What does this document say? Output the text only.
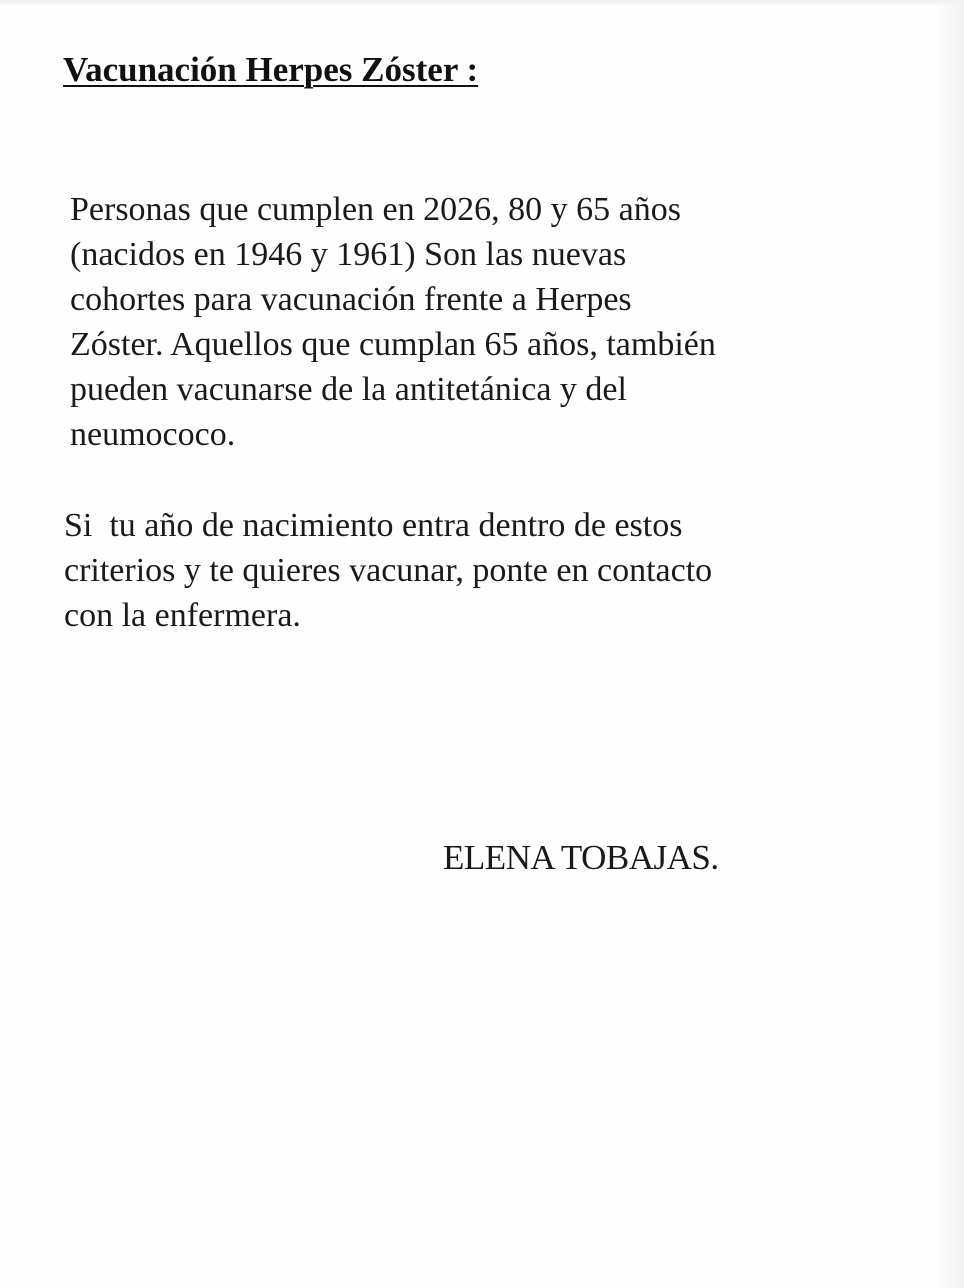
Vacunación Herpes Zóster :

Personas que cumplen en 2026, 80 y 65 años
(nacidos en 1946 y 1961) Son las nuevas
cohortes para vacunación frente a Herpes
Zóster. Aquellos que cumplan 65 años, también
pueden vacunarse de la antitetánica y del
neumococo.

Si  tu año de nacimiento entra dentro de estos
criterios y te quieres vacunar, ponte en contacto
con la enfermera.

ELENA TOBAJAS.
